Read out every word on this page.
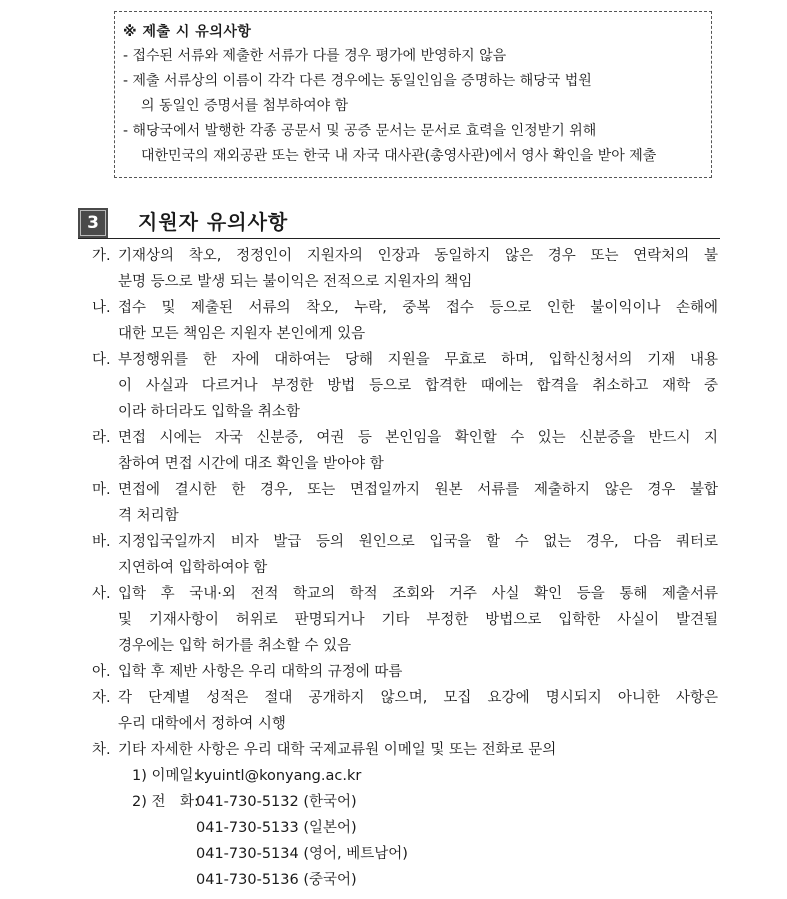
※ 제출 시 유의사항
- 접수된 서류와 제출한 서류가 다를 경우 평가에 반영하지 않음
- 제출 서류상의 이름이 각각 다른 경우에는 동일인임을 증명하는 해당국 법원
의 동일인 증명서를 첨부하여야 함
- 해당국에서 발행한 각종 공문서 및 공증 문서는 문서로 효력을 인정받기 위해
대한민국의 재외공관 또는 한국 내 자국 대사관(총영사관)에서 영사 확인을 받아 제출
3	지원자 유의사항
가. 기재상의 착오, 정정인이 지원자의 인장과 동일하지 않은 경우 또는 연락처의 불
분명 등으로 발생 되는 불이익은 전적으로 지원자의 책임
나. 접수 및 제출된 서류의 착오, 누락, 중복 접수 등으로 인한 불이익이나 손해에
대한 모든 책임은 지원자 본인에게 있음
다. 부정행위를 한 자에 대하여는 당해 지원을 무효로 하며, 입학신청서의 기재 내용
이 사실과 다르거나 부정한 방법 등으로 합격한 때에는 합격을 취소하고 재학 중
이라 하더라도 입학을 취소함
라. 면접 시에는 자국 신분증, 여권 등 본인임을 확인할 수 있는 신분증을 반드시 지
참하여 면접 시간에 대조 확인을 받아야 함
마. 면접에 결시한 한 경우, 또는 면접일까지 원본 서류를 제출하지 않은 경우 불합
격 처리함
바. 지정입국일까지 비자 발급 등의 원인으로 입국을 할 수 없는 경우, 다음 쿼터로
지연하여 입학하여야 함
사. 입학 후 국내·외 전적 학교의 학적 조회와 거주 사실 확인 등을 통해 제출서류
및 기재사항이 허위로 판명되거나 기타 부정한 방법으로 입학한 사실이 발견될
경우에는 입학 허가를 취소할 수 있음
아. 입학 후 제반 사항은 우리 대학의 규정에 따름
자. 각 단계별 성적은 절대 공개하지 않으며, 모집 요강에 명시되지 아니한 사항은
우리 대학에서 정하여 시행
차. 기타 자세한 사항은 우리 대학 국제교류원 이메일 및 또는 전화로 문의
1) 이메일:
kyuintl@konyang.ac.kr
2) 전　화:
041-730-5132 (한국어)
041-730-5133 (일본어)
041-730-5134 (영어, 베트남어)
041-730-5136 (중국어)
